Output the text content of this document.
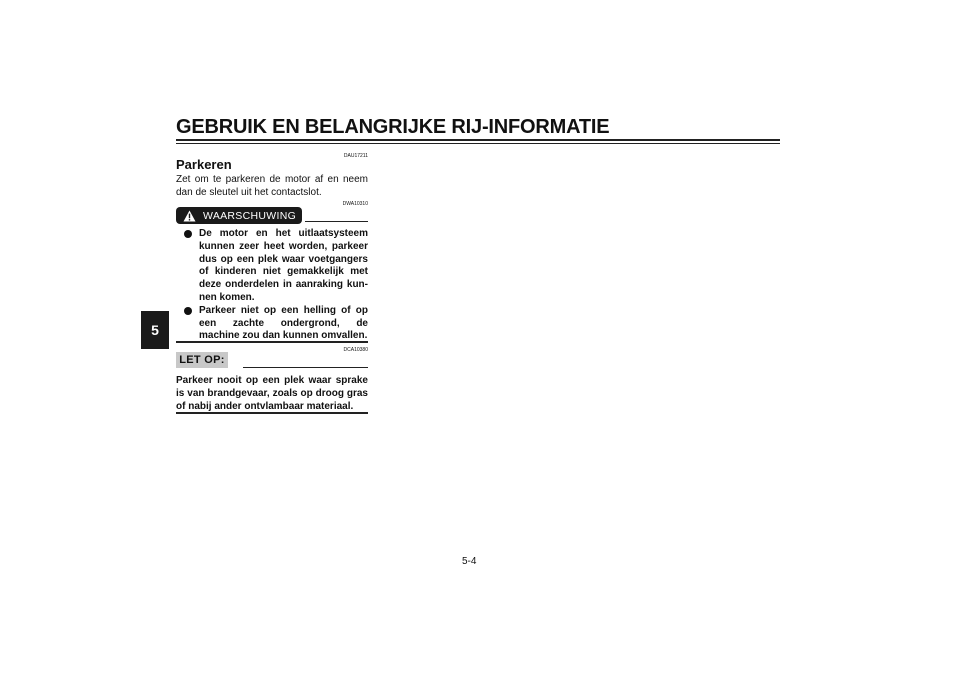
GEBRUIK EN BELANGRIJKE RIJ-INFORMATIE
5
DAU17211
Parkeren
Zet om te parkeren de motor af en neem dan de sleutel uit het contactslot.
DWA10310
WAARSCHUWING
De motor en het uitlaatsysteem kunnen zeer heet worden, parkeer dus op een plek waar voetgangers of kinderen niet gemakkelijk met deze onderdelen in aanraking kun-nen komen.
Parkeer niet op een helling of op een zachte ondergrond, de machine zou dan kunnen omvallen.
DCA10380
LET OP:
Parkeer nooit op een plek waar sprake is van brandgevaar, zoals op droog gras of nabij ander ontvlambaar materiaal.
5-4
